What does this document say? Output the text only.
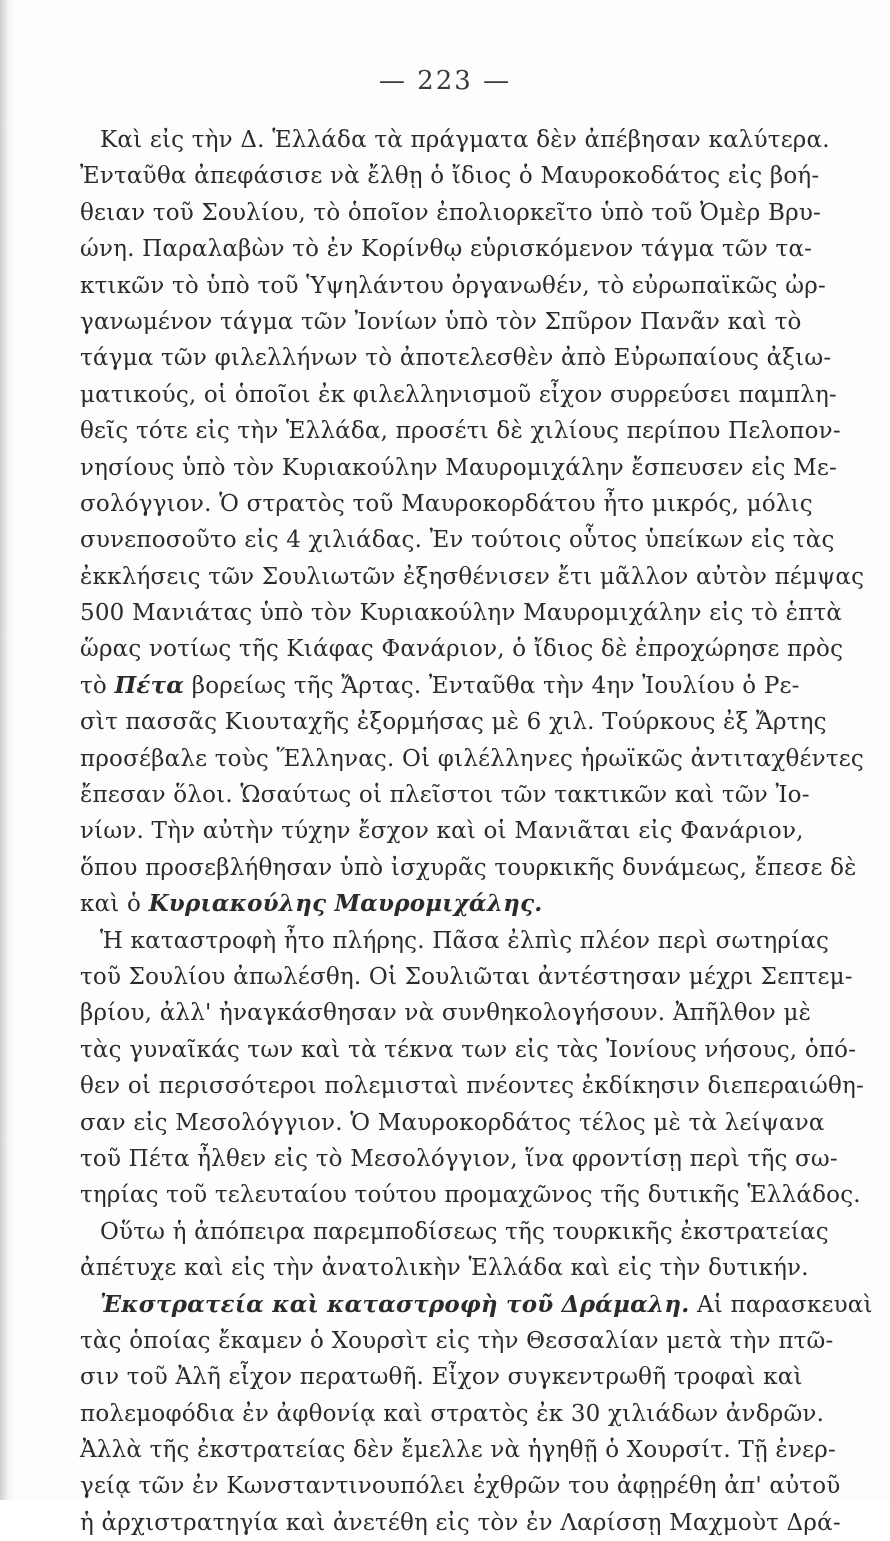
— 223 —
Καὶ εἰς τὴν Δ. Ἑλλάδα τὰ πράγματα δὲν ἀπέβησαν καλύτερα.
Ἐνταῦθα ἀπεφάσισε νὰ ἔλθῃ ὁ ἴδιος ὁ Μαυροκοδάτος εἰς βοή-
θειαν τοῦ Σουλίου, τὸ ὁποῖον ἐπολιορκεῖτο ὑπὸ τοῦ Ὀμὲρ Βρυ-
ώνη. Παραλαβὼν τὸ ἐν Κορίνθῳ εὑρισκόμενον τάγμα τῶν τα-
κτικῶν τὸ ὑπὸ τοῦ Ὑψηλάντου ὀργανωθέν, τὸ εὐρωπαϊκῶς ὠρ-
γανωμένον τάγμα τῶν Ἰονίων ὑπὸ τὸν Σπῦρον Πανᾶν καὶ τὸ
τάγμα τῶν φιλελλήνων τὸ ἀποτελεσθὲν ἀπὸ Εὐρωπαίους ἀξιω-
ματικούς, οἱ ὁποῖοι ἐκ φιλελληνισμοῦ εἶχον συρρεύσει παμπλη-
θεῖς τότε εἰς τὴν Ἑλλάδα, προσέτι δὲ χιλίους περίπου Πελοπον-
νησίους ὑπὸ τὸν Κυριακούλην Μαυρομιχάλην ἔσπευσεν εἰς Με-
σολόγγιον. Ὁ στρατὸς τοῦ Μαυροκορδάτου ἦτο μικρός, μόλις
συνεποσοῦτο εἰς 4 χιλιάδας. Ἐν τούτοις οὗτος ὑπείκων εἰς τὰς
ἐκκλήσεις τῶν Σουλιωτῶν ἐξησθένισεν ἔτι μᾶλλον αὐτὸν πέμψας
500 Μανιάτας ὑπὸ τὸν Κυριακούλην Μαυρομιχάλην εἰς τὸ ἑπτὰ
ὥρας νοτίως τῆς Κιάφας Φανάριον, ὁ ἴδιος δὲ ἐπροχώρησε πρὸς
τὸ Πέτα βορείως τῆς Ἄρτας. Ἐνταῦθα τὴν 4ην Ἰουλίου ὁ Ρε-
σὶτ πασσᾶς Κιουταχῆς ἐξορμήσας μὲ 6 χιλ. Τούρκους ἐξ Ἄρτης
προσέβαλε τοὺς Ἕλληνας. Οἱ φιλέλληνες ἡρωϊκῶς ἀντιταχθέντες
ἔπεσαν ὅλοι. Ὡσαύτως οἱ πλεῖστοι τῶν τακτικῶν καὶ τῶν Ἰο-
νίων. Τὴν αὐτὴν τύχην ἔσχον καὶ οἱ Μανιᾶται εἰς Φανάριον,
ὅπου προσεβλήθησαν ὑπὸ ἰσχυρᾶς τουρκικῆς δυνάμεως, ἔπεσε δὲ
καὶ ὁ Κυριακούλης Μαυρομιχάλης.
Ἡ καταστροφὴ ἦτο πλήρης. Πᾶσα ἐλπὶς πλέον περὶ σωτηρίας
τοῦ Σουλίου ἀπωλέσθη. Οἱ Σουλιῶται ἀντέστησαν μέχρι Σεπτεμ-
βρίου, ἀλλ' ἠναγκάσθησαν νὰ συνθηκολογήσουν. Ἀπῆλθον μὲ
τὰς γυναῖκάς των καὶ τὰ τέκνα των εἰς τὰς Ἰονίους νήσους, ὁπό-
θεν οἱ περισσότεροι πολεμισταὶ πνέοντες ἐκδίκησιν διεπεραιώθη-
σαν εἰς Μεσολόγγιον. Ὁ Μαυροκορδάτος τέλος μὲ τὰ λείψανα
τοῦ Πέτα ἦλθεν εἰς τὸ Μεσολόγγιον, ἵνα φροντίσῃ περὶ τῆς σω-
τηρίας τοῦ τελευταίου τούτου προμαχῶνος τῆς δυτικῆς Ἑλλάδος.
Οὕτω ἡ ἀπόπειρα παρεμποδίσεως τῆς τουρκικῆς ἐκστρατείας
ἀπέτυχε καὶ εἰς τὴν ἀνατολικὴν Ἑλλάδα καὶ εἰς τὴν δυτικήν.
Ἐκστρατεία καὶ καταστροφὴ τοῦ Δράμαλη. Αἱ παρασκευαὶ
τὰς ὁποίας ἔκαμεν ὁ Χουρσὶτ εἰς τὴν Θεσσαλίαν μετὰ τὴν πτῶ-
σιν τοῦ Ἀλῆ εἶχον περατωθῆ. Εἶχον συγκεντρωθῆ τροφαὶ καὶ
πολεμοφόδια ἐν ἀφθονίᾳ καὶ στρατὸς ἐκ 30 χιλιάδων ἀνδρῶν.
Ἀλλὰ τῆς ἐκστρατείας δὲν ἔμελλε νὰ ἡγηθῇ ὁ Χουρσίτ. Τῇ ἐνερ-
γείᾳ τῶν ἐν Κωνσταντινουπόλει ἐχθρῶν του ἀφῃρέθη ἀπ' αὐτοῦ
ἡ ἀρχιστρατηγία καὶ ἀνετέθη εἰς τὸν ἐν Λαρίσσῃ Μαχμοὺτ Δρά-
